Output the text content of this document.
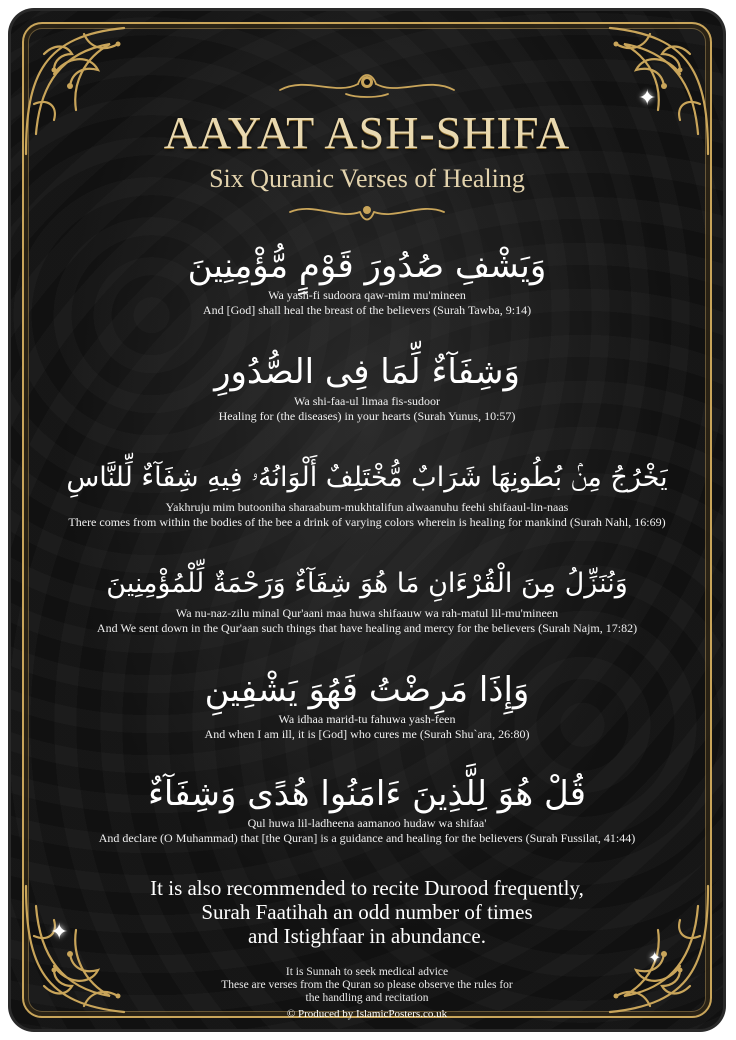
✦
✦
✦
AAYAT ASH-SHIFA
Six Quranic Verses of Healing
وَيَشْفِ صُدُورَ قَوْمٍ مُّؤْمِنِينَ
Wa yash-fi sudoora qaw-mim mu'mineen
And [God] shall heal the breast of the believers (Surah Tawba, 9:14)
وَشِفَآءٌ لِّمَا فِى الصُّدُورِ
Wa shi-faa-ul limaa fis-sudoor
Healing for (the diseases) in your hearts (Surah Yunus, 10:57)
يَخْرُجُ مِنۢ بُطُونِهَا شَرَابٌ مُّخْتَلِفٌ أَلْوَانُهُۥ فِيهِ شِفَآءٌ لِّلنَّاسِ
Yakhruju mim butooniha sharaabum-mukhtalifun alwaanuhu feehi shifaaul-lin-naas
There comes from within the bodies of the bee a drink of varying colors wherein is healing for mankind (Surah Nahl, 16:69)
وَنُنَزِّلُ مِنَ الْقُرْءَانِ مَا هُوَ شِفَآءٌ وَرَحْمَةٌ لِّلْمُؤْمِنِينَ
Wa nu-naz-zilu minal Qur'aani maa huwa shifaauw wa rah-matul lil-mu'mineen
And We sent down in the Qur'aan such things that have healing and mercy for the believers (Surah Najm, 17:82)
وَإِذَا مَرِضْتُ فَهُوَ يَشْفِينِ
Wa idhaa marid-tu fahuwa yash-feen
And when I am ill, it is [God] who cures me (Surah Shu`ara, 26:80)
قُلْ هُوَ لِلَّذِينَ ءَامَنُوا هُدًى وَشِفَآءٌ
Qul huwa lil-ladheena aamanoo hudaw wa shifaa'
And declare (O Muhammad) that [the Quran] is a guidance and healing for the believers (Surah Fussilat, 41:44)
It is also recommended to recite Durood frequently,
Surah Faatihah an odd number of times
and Istighfaar in abundance.
It is Sunnah to seek medical advice
These are verses from the Quran so please observe the rules for
the handling and recitation
© Produced by IslamicPosters.co.uk
